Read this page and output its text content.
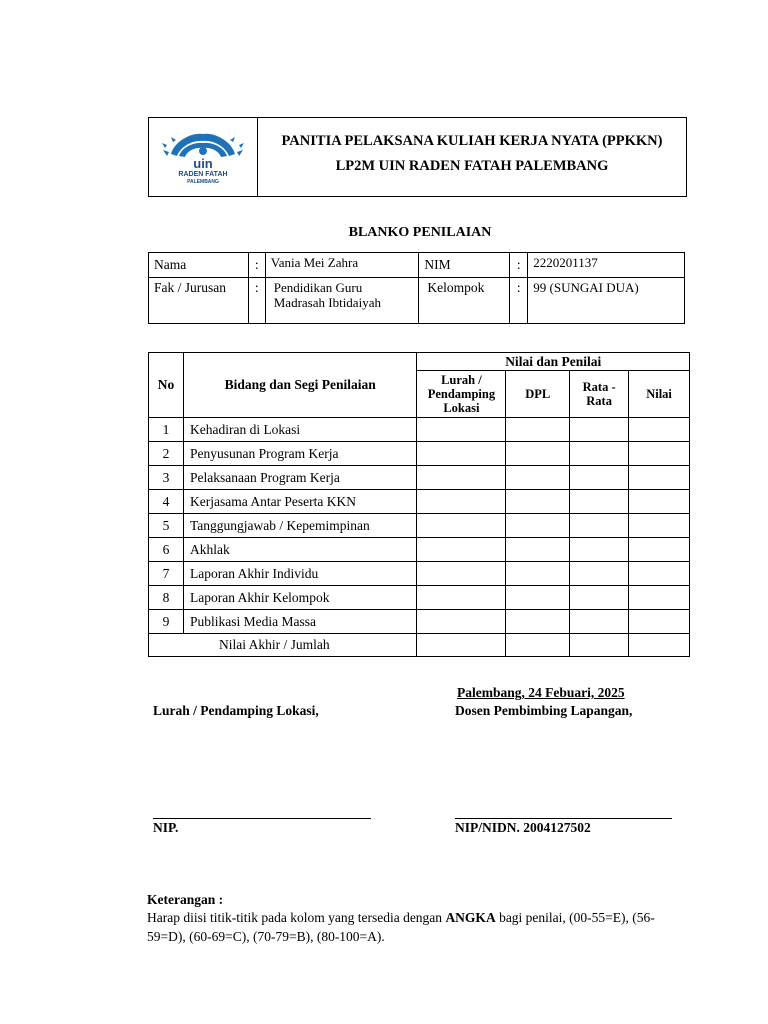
uin
RADEN FATAH
PALEMBANG
PANITIA PELAKSANA KULIAH KERJA NYATA (PPKKN)
LP2M UIN RADEN FATAH PALEMBANG
BLANKO PENILAIAN
Nama	:	Vania Mei Zahra	NIM	:	2220201137
Fak / Jurusan	:	Pendidikan Guru Madrasah Ibtidaiyah	Kelompok	:	99 (SUNGAI DUA)
No	Bidang dan Segi Penilaian	Nilai dan Penilai			
		Lurah / Pendamping Lokasi	DPL	Rata - Rata	Nilai
1	Kehadiran di Lokasi				
2	Penyusunan Program Kerja				
3	Pelaksanaan Program Kerja				
4	Kerjasama Antar Peserta KKN				
5	Tanggungjawab / Kepemimpinan				
6	Akhlak				
7	Laporan Akhir Individu				
8	Laporan Akhir Kelompok				
9	Publikasi Media Massa				
Nilai Akhir / Jumlah					
Palembang, 24 Febuari, 2025
Lurah / Pendamping Lokasi,	Dosen Pembimbing Lapangan,
NIP.	NIP/NIDN. 2004127502
Keterangan :
Harap diisi titik-titik pada kolom yang tersedia dengan ANGKA bagi penilai, (00-55=E), (56-59=D), (60-69=C), (70-79=B), (80-100=A).
